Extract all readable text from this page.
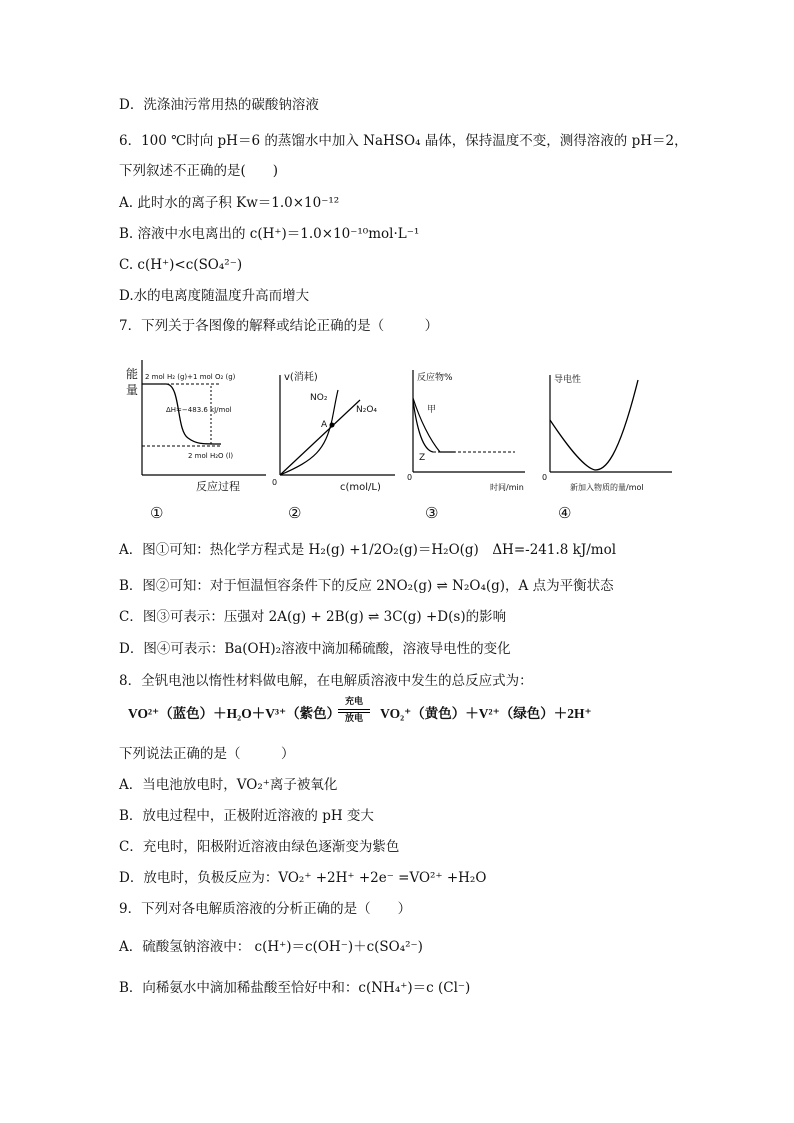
D．洗涤油污常用热的碳酸钠溶液
6．100 ℃时向 pH＝6 的蒸馏水中加入 NaHSO₄ 晶体，保持温度不变，测得溶液的 pH＝2，
下列叙述不正确的是(　　)
A. 此时水的离子积 Kw＝1.0×10⁻¹²
B. 溶液中水电离出的 c(H⁺)＝1.0×10⁻¹⁰mol·L⁻¹
C. c(H⁺)<c(SO₄²⁻)
D.水的电离度随温度升高而增大
7．下列关于各图像的解释或结论正确的是（　　　）
能
量
2 mol H₂ (g)+1 mol O₂ (g)
ΔH=−483.6 kJ/mol
2 mol H₂O (l)
反应过程
v(消耗)
NO₂
N₂O₄
A
0	c(mol/L)
反应物%
甲
Z
0
时间/min
导电性
0
新加入物质的量/mol
①	②	③	④
A．图①可知：热化学方程式是 H₂(g) +1/2O₂(g)＝H₂O(g)　ΔH=-241.8 kJ/mol
B．图②可知：对于恒温恒容条件下的反应 2NO₂(g) ⇌ N₂O₄(g)，A 点为平衡状态
C．图③可表示：压强对 2A(g) + 2B(g) ⇌ 3C(g) +D(s)的影响
D．图④可表示：Ba(OH)₂溶液中滴加稀硫酸，溶液导电性的变化
8．全钒电池以惰性材料做电解，在电解质溶液中发生的总反应式为：
VO²⁺（蓝色）＋H₂O＋V³⁺（紫色）	VO₂⁺（黄色）＋V²⁺（绿色）＋2H⁺
充电
放电
下列说法正确的是（　　　）
A．当电池放电时，VO₂⁺离子被氧化
B．放电过程中，正极附近溶液的 pH 变大
C．充电时，阳极附近溶液由绿色逐渐变为紫色
D．放电时，负极反应为：VO₂⁺ +2H⁺ +2e⁻ =VO²⁺ +H₂O
9．下列对各电解质溶液的分析正确的是（　　）
A．硫酸氢钠溶液中： c(H⁺)＝c(OH⁻)＋c(SO₄²⁻)
B．向稀氨水中滴加稀盐酸至恰好中和：c(NH₄⁺)＝c (Cl⁻)
